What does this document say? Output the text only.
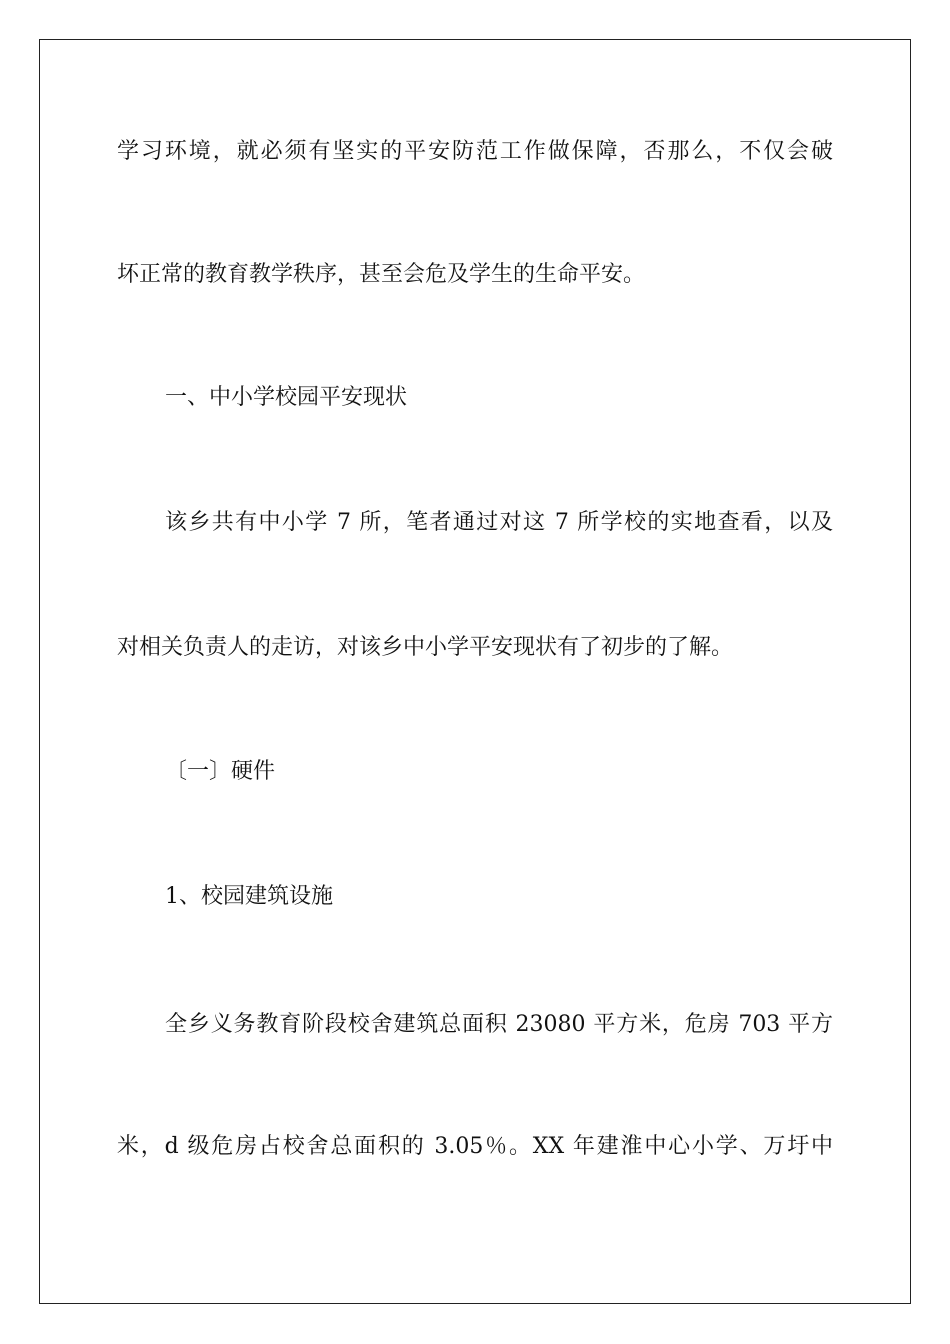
学习环境，就必须有坚实的平安防范工作做保障，否那么，不仅会破

坏正常的教育教学秩序，甚至会危及学生的生命平安。

一、中小学校园平安现状

该乡共有中小学 7 所，笔者通过对这 7 所学校的实地查看，以及

对相关负责人的走访，对该乡中小学平安现状有了初步的了解。

〔一〕硬件

1、校园建筑设施

全乡义务教育阶段校舍建筑总面积 23080 平方米，危房 703 平方

米，d 级危房占校舍总面积的 3.05％。XX 年建淮中心小学、万圩中
